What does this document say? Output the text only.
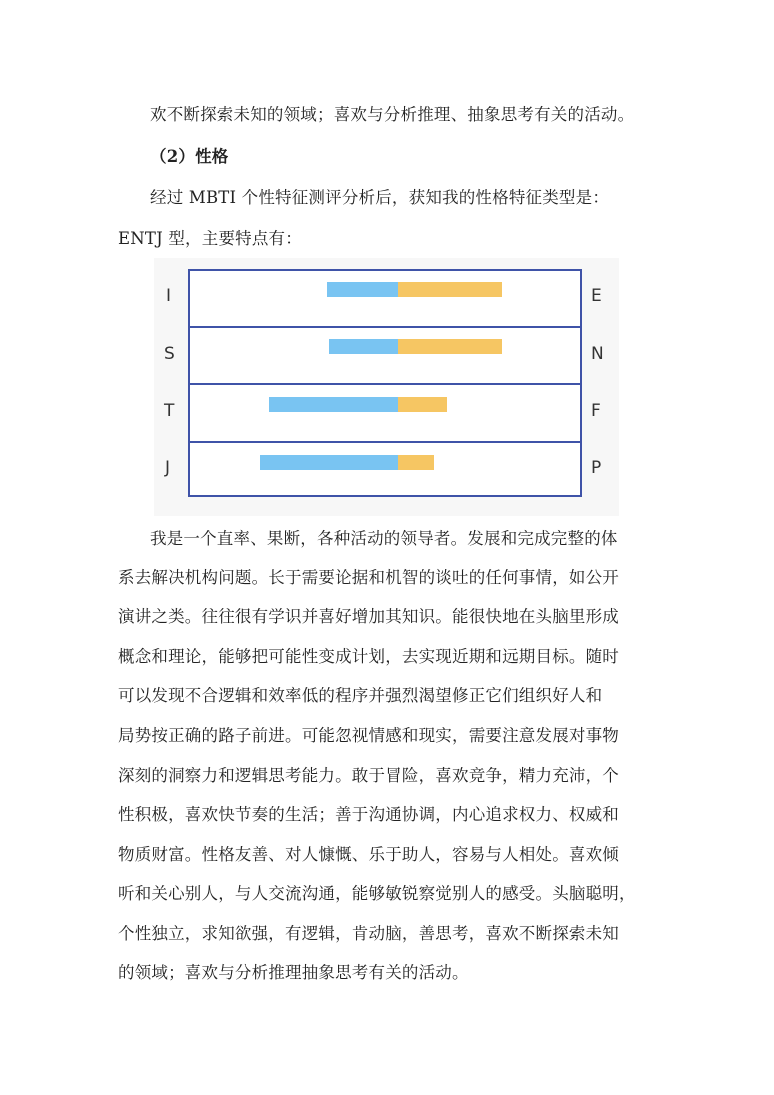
欢不断探索未知的领域；喜欢与分析推理、抽象思考有关的活动。
（2）性格
经过 MBTI 个性特征测评分析后，获知我的性格特征类型是：
ENTJ 型，主要特点有：
I
S
T
J
E
N
F
P
我是一个直率、果断，各种活动的领导者。发展和完成完整的体
系去解决机构问题。长于需要论据和机智的谈吐的任何事情，如公开
演讲之类。往往很有学识并喜好增加其知识。能很快地在头脑里形成
概念和理论，能够把可能性变成计划，去实现近期和远期目标。随时
可以发现不合逻辑和效率低的程序并强烈渴望修正它们组织好人和
局势按正确的路子前进。可能忽视情感和现实，需要注意发展对事物
深刻的洞察力和逻辑思考能力。敢于冒险，喜欢竞争，精力充沛，个
性积极，喜欢快节奏的生活；善于沟通协调，内心追求权力、权威和
物质财富。性格友善、对人慷慨、乐于助人，容易与人相处。喜欢倾
听和关心别人，与人交流沟通，能够敏锐察觉别人的感受。头脑聪明，
个性独立，求知欲强，有逻辑，肯动脑，善思考，喜欢不断探索未知
的领域；喜欢与分析推理抽象思考有关的活动。
